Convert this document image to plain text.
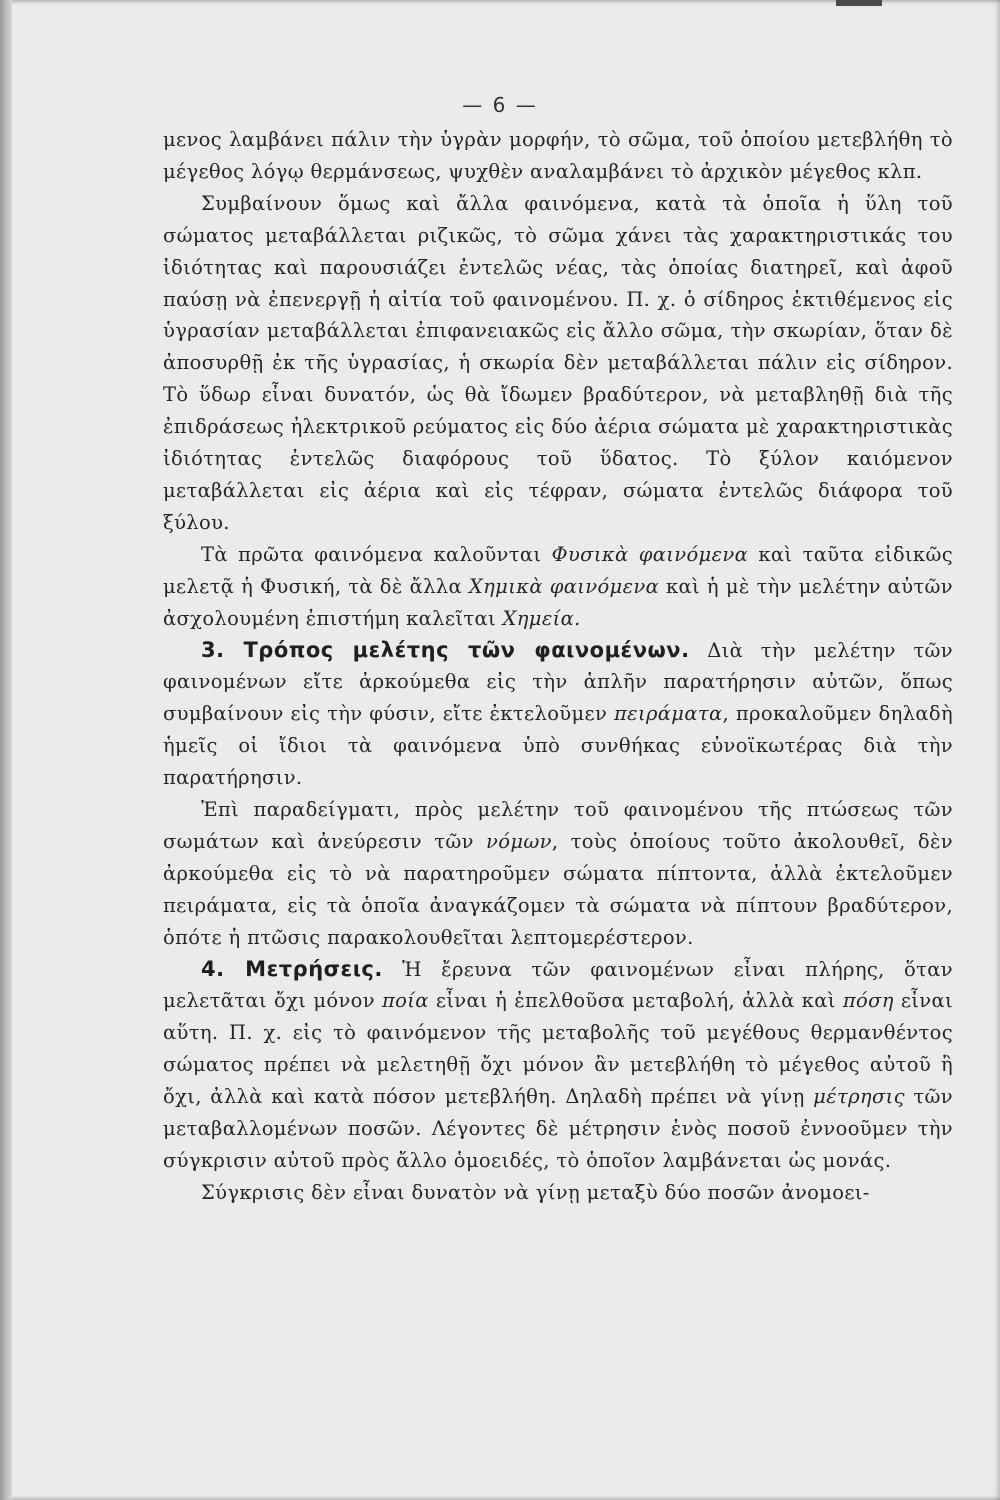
— 6 —

μενος λαμβάνει πάλιν τὴν ὑγρὰν μορφήν, τὸ σῶμα, τοῦ ὁποίου μετεβλήθη τὸ μέγεθος λόγῳ θερμάνσεως, ψυχθὲν αναλαμβάνει τὸ ἀρχικὸν μέγεθος κλπ.

Συμβαίνουν ὅμως καὶ ἄλλα φαινόμενα, κατὰ τὰ ὁποῖα ἡ ὕλη τοῦ σώματος μεταβάλλεται ριζικῶς, τὸ σῶμα χάνει τὰς χαρακτηριστικάς του ἰδιότητας καὶ παρουσιάζει ἐντελῶς νέας, τὰς ὁποίας διατηρεῖ, καὶ ἀφοῦ παύσῃ νὰ ἐπενεργῇ ἡ αἰτία τοῦ φαινομένου. Π. χ. ὁ σίδηρος ἐκτιθέμενος εἰς ὑγρασίαν μεταβάλλεται ἐπιφανειακῶς εἰς ἄλλο σῶμα, τὴν σκωρίαν, ὅταν δὲ ἀποσυρθῇ ἐκ τῆς ὑγρασίας, ἡ σκωρία δὲν μεταβάλλεται πάλιν εἰς σίδηρον. Τὸ ὕδωρ εἶναι δυνατόν, ὡς θὰ ἴδωμεν βραδύτερον, νὰ μεταβληθῇ διὰ τῆς ἐπιδράσεως ἠλεκτρικοῦ ρεύματος εἰς δύο ἀέρια σώματα μὲ χαρακτηριστικὰς ἰδιότητας ἐντελῶς διαφόρους τοῦ ὕδατος. Τὸ ξύλον καιόμενον μεταβάλλεται εἰς ἀέρια καὶ εἰς τέφραν, σώματα ἐντελῶς διάφορα τοῦ ξύλου.

Τὰ πρῶτα φαινόμενα καλοῦνται Φυσικὰ φαινόμενα καὶ ταῦτα εἰδικῶς μελετᾷ ἡ Φυσική, τὰ δὲ ἄλλα Χημικὰ φαινόμενα καὶ ἡ μὲ τὴν μελέτην αὐτῶν ἀσχολουμένη ἐπιστήμη καλεῖται Χημεία.

3. Τρόπος μελέτης τῶν φαινομένων. Διὰ τὴν μελέτην τῶν φαινομένων εἴτε ἀρκούμεθα εἰς τὴν ἁπλῆν παρατήρησιν αὐτῶν, ὅπως συμβαίνουν εἰς τὴν φύσιν, εἴτε ἐκτελοῦμεν πειράματα, προκαλοῦμεν δηλαδὴ ἡμεῖς οἱ ἴδιοι τὰ φαινόμενα ὑπὸ συνθήκας εὐνοϊκωτέρας διὰ τὴν παρατήρησιν.

Ἐπὶ παραδείγματι, πρὸς μελέτην τοῦ φαινομένου τῆς πτώσεως τῶν σωμάτων καὶ ἀνεύρεσιν τῶν νόμων, τοὺς ὁποίους τοῦτο ἀκολουθεῖ, δὲν ἀρκούμεθα εἰς τὸ νὰ παρατηροῦμεν σώματα πίπτοντα, ἀλλὰ ἐκτελοῦμεν πειράματα, εἰς τὰ ὁποῖα ἀναγκάζομεν τὰ σώματα νὰ πίπτουν βραδύτερον, ὁπότε ἡ πτῶσις παρακολουθεῖται λεπτομερέστερον.

4. Μετρήσεις. Ἡ ἔρευνα τῶν φαινομένων εἶναι πλήρης, ὅταν μελετᾶται ὄχι μόνον ποία εἶναι ἡ ἐπελθοῦσα μεταβολή, ἀλλὰ καὶ πόση εἶναι αὕτη. Π. χ. εἰς τὸ φαινόμενον τῆς μεταβολῆς τοῦ μεγέθους θερμανθέντος σώματος πρέπει νὰ μελετηθῇ ὄχι μόνον ἂν μετεβλήθη τὸ μέγεθος αὐτοῦ ἢ ὄχι, ἀλλὰ καὶ κατὰ πόσον μετεβλήθη. Δηλαδὴ πρέπει νὰ γίνῃ μέτρησις τῶν μεταβαλλομένων ποσῶν. Λέγοντες δὲ μέτρησιν ἑνὸς ποσοῦ ἐννοοῦμεν τὴν σύγκρισιν αὐτοῦ πρὸς ἄλλο ὁμοειδές, τὸ ὁποῖον λαμβάνεται ὡς μονάς.

Σύγκρισις δὲν εἶναι δυνατὸν νὰ γίνῃ μεταξὺ δύο ποσῶν ἀνομοει-
